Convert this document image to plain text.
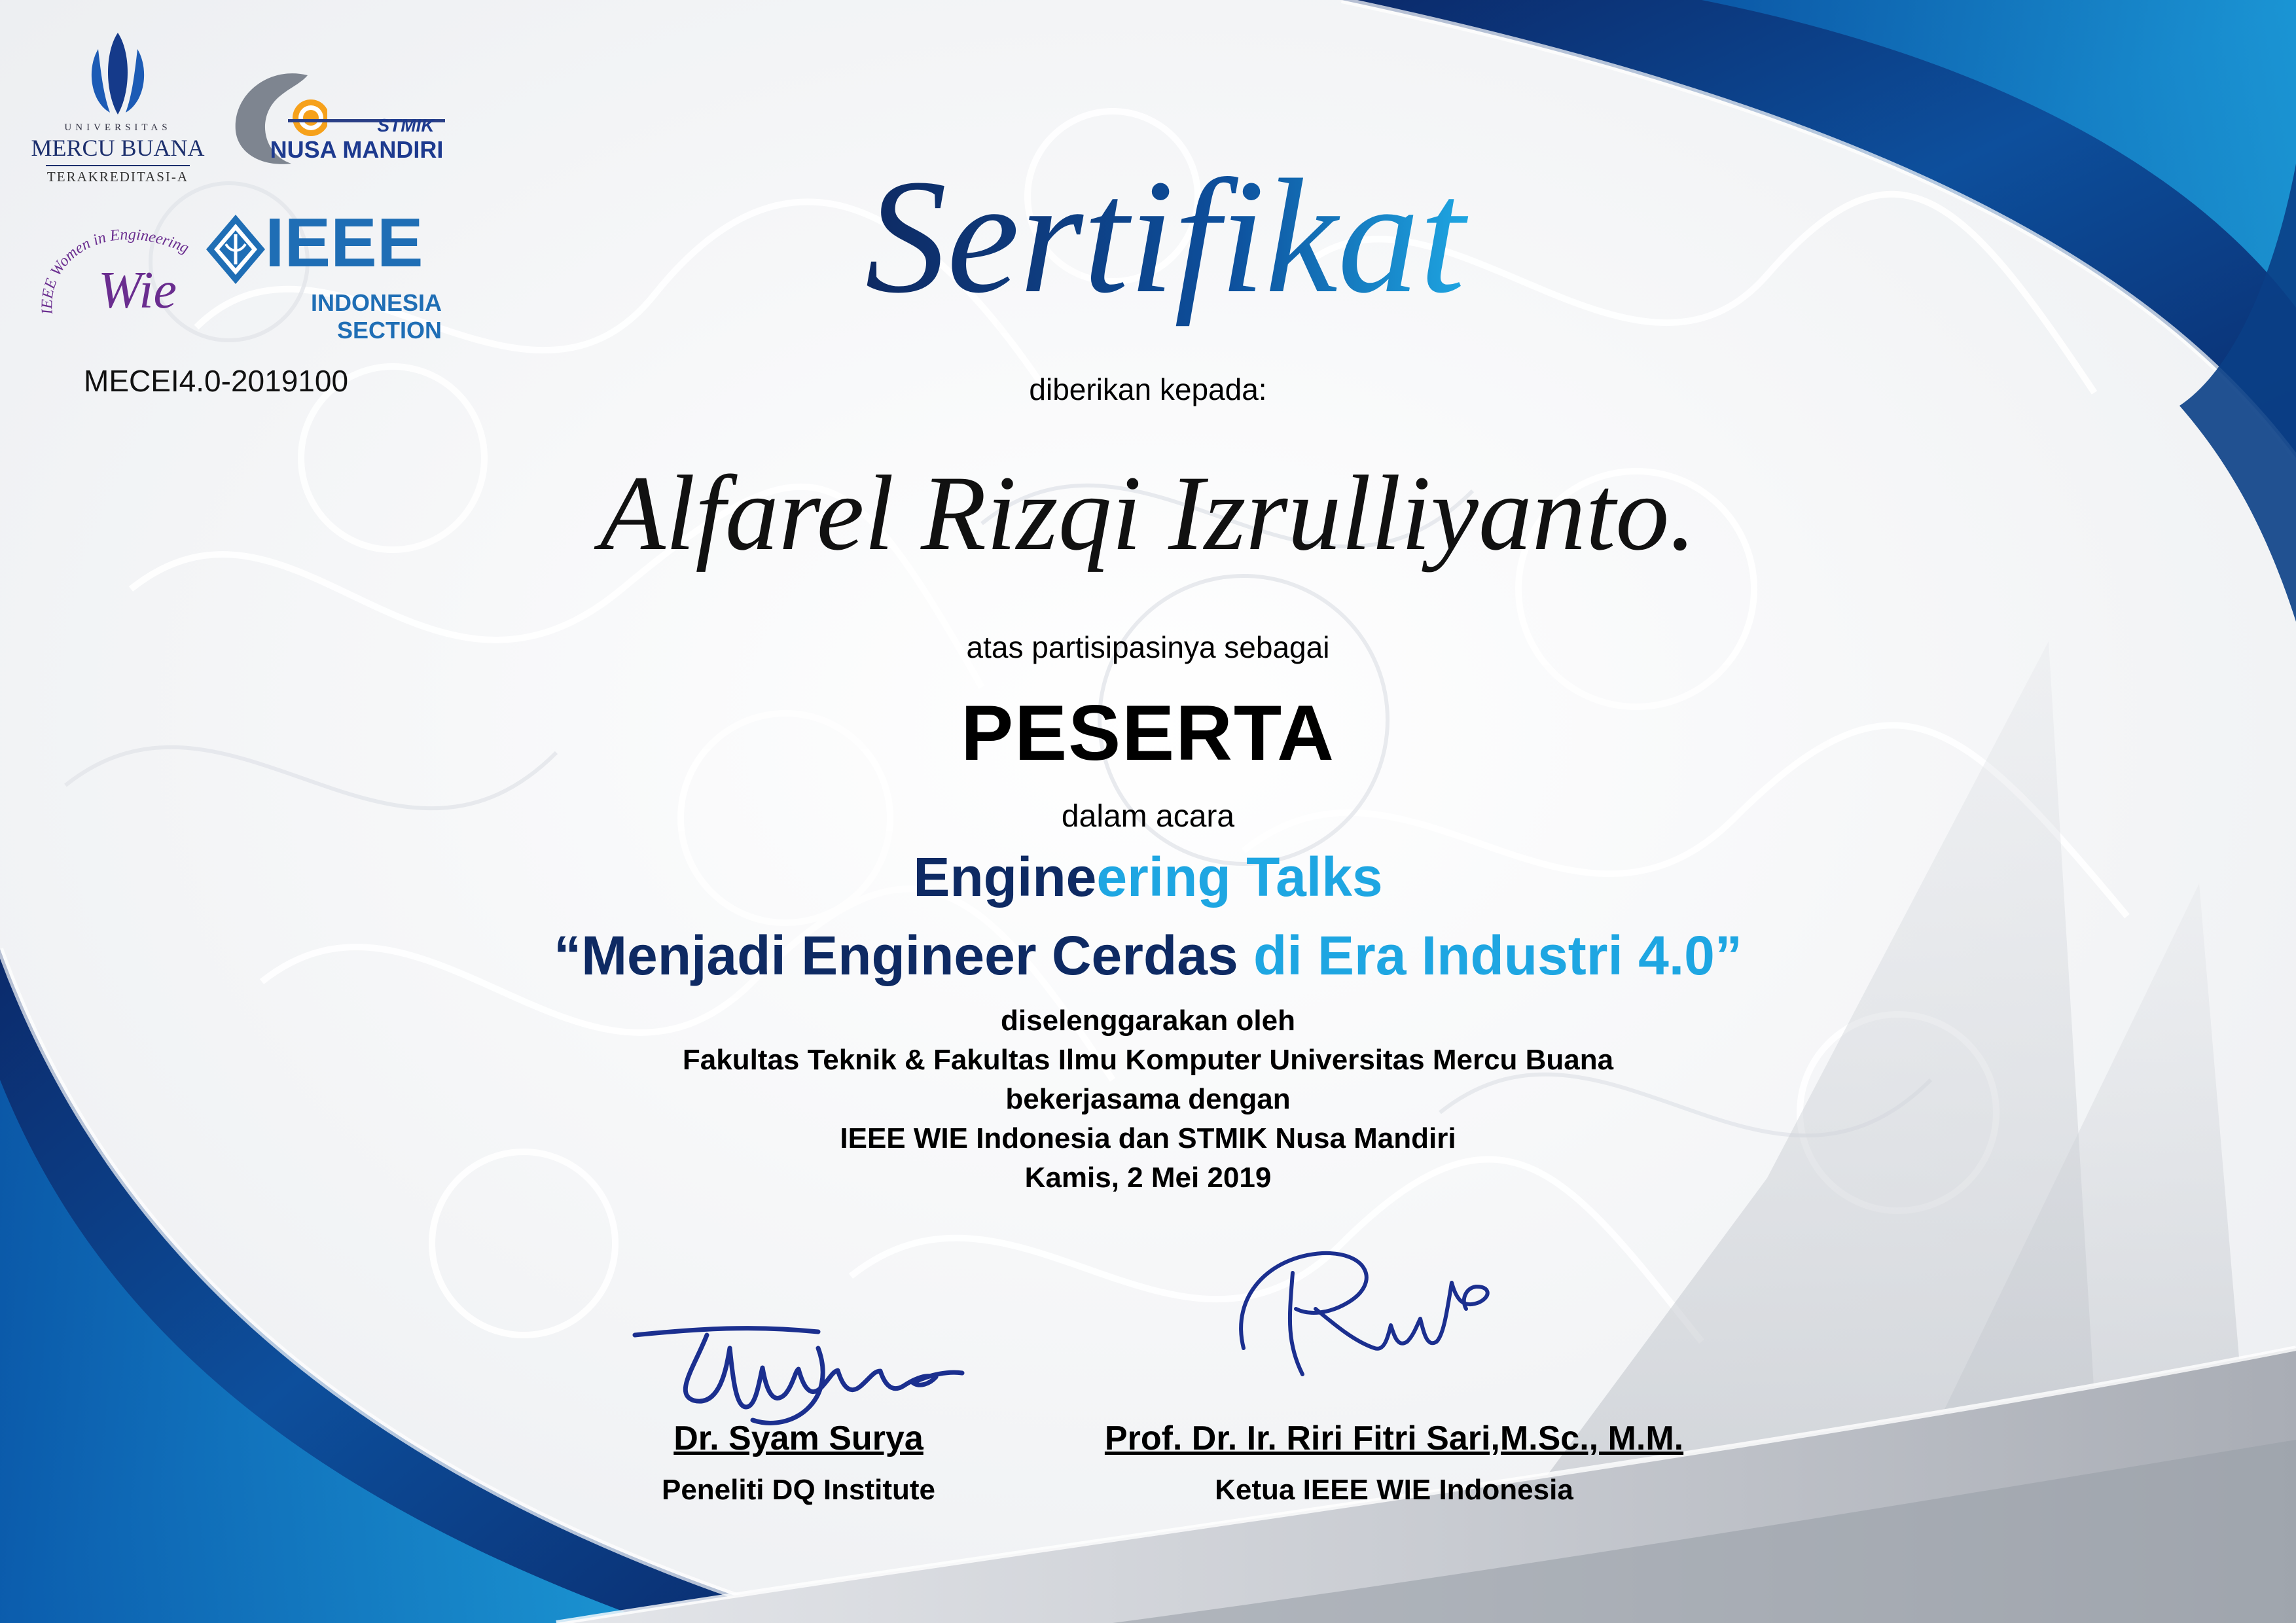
UNIVERSITAS
MERCU BUANA
TERAKREDITASI-A
STMIK
NUSA MANDIRI
IEEE Women in Engineering
Wie
IEEE
INDONESIA SECTION
MECEI4.0-2019100
Sertifikat
diberikan kepada:
Alfarel Rizqi Izrulliyanto.
atas partisipasinya sebagai
PESERTA
dalam acara
Engineering Talks
“Menjadi Engineer Cerdas di Era Industri 4.0”
diselenggarakan oleh
Fakultas Teknik & Fakultas Ilmu Komputer Universitas Mercu Buana
bekerjasama dengan
IEEE WIE Indonesia dan STMIK Nusa Mandiri
Kamis, 2 Mei 2019
Dr. Syam Surya
Peneliti DQ Institute
Prof. Dr. Ir. Riri Fitri Sari,M.Sc., M.M.
Ketua IEEE WIE Indonesia
